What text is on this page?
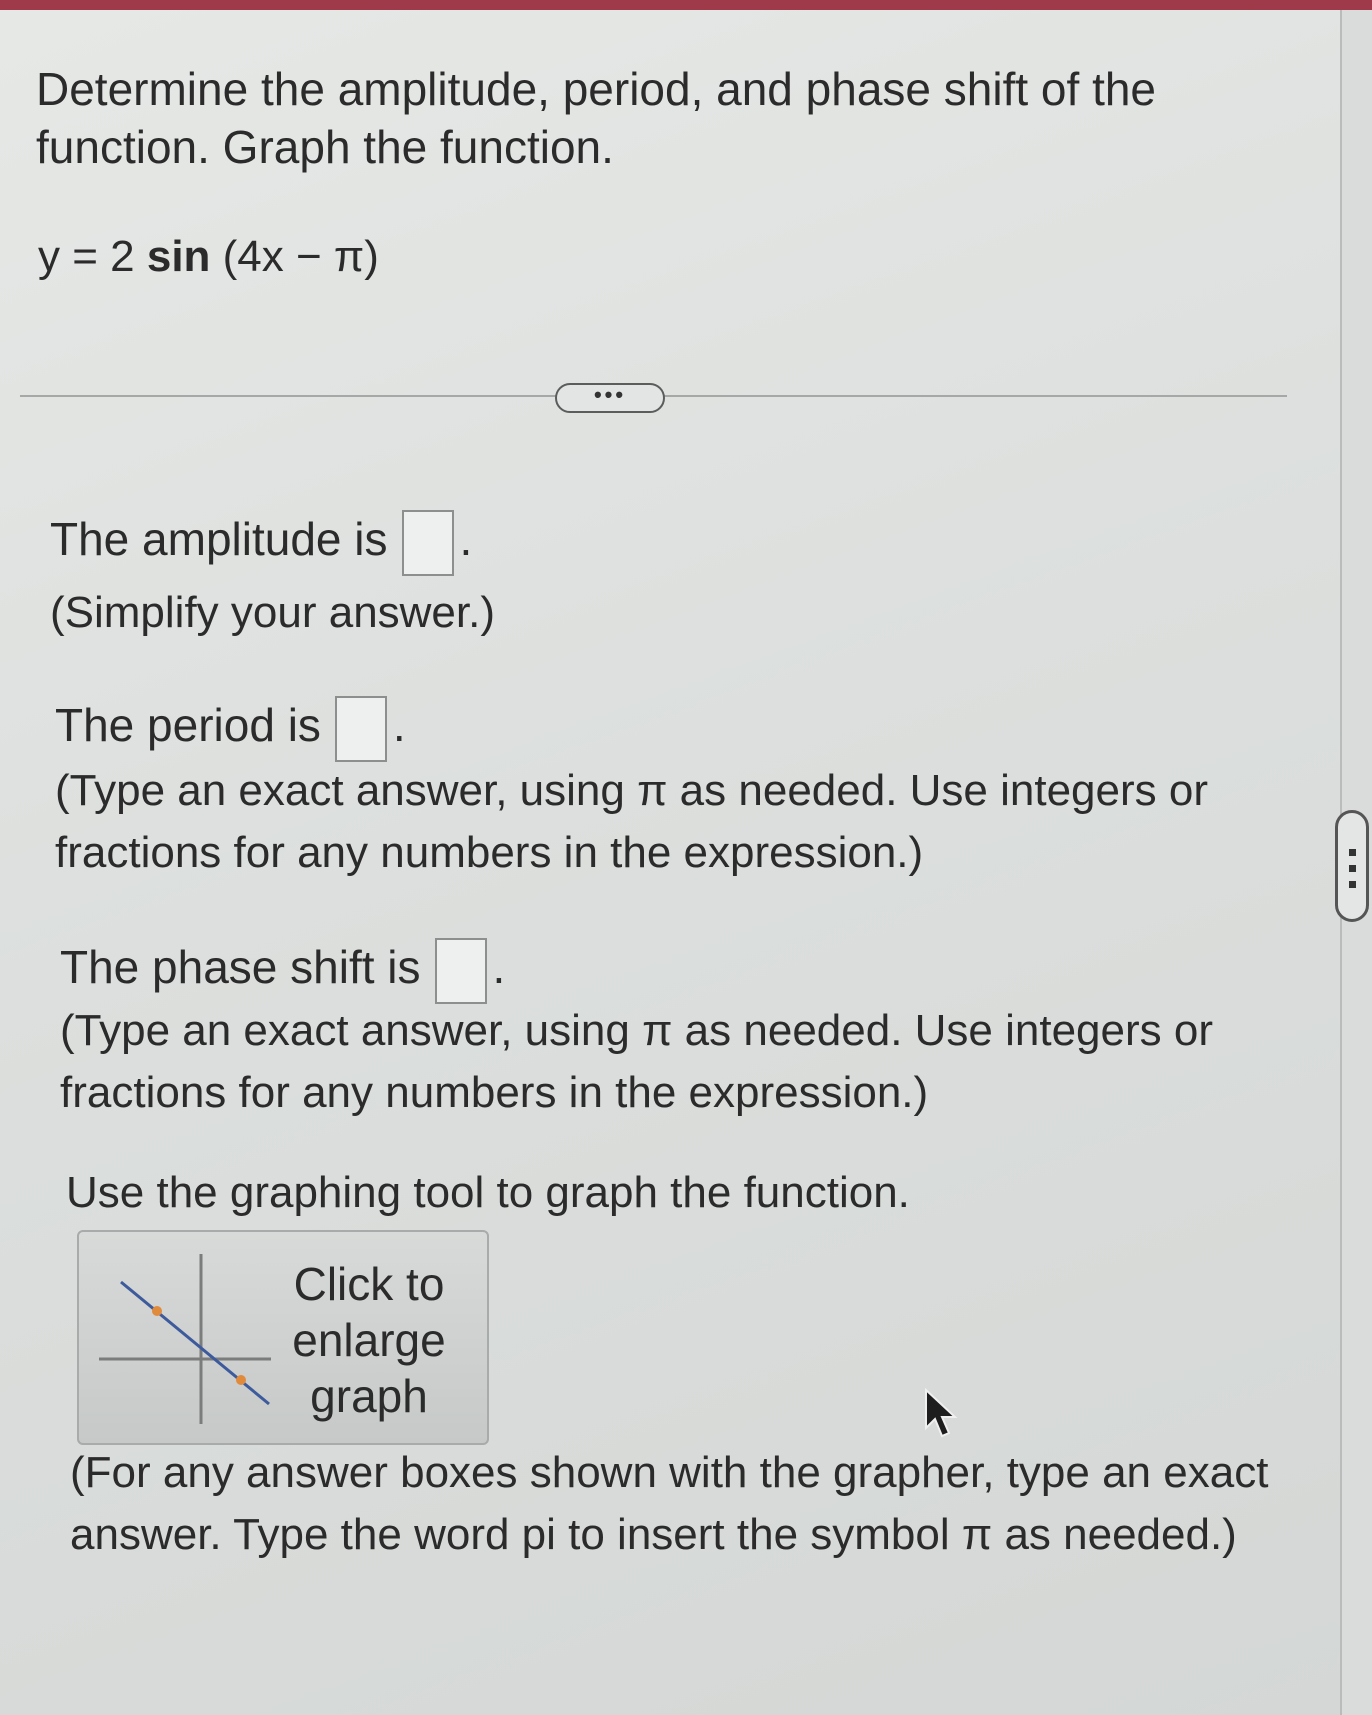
Determine the amplitude, period, and phase shift of the function. Graph the function.
y = 2 sin (4x − π)
•••
The amplitude is .
(Simplify your answer.)
The period is .
(Type an exact answer, using π as needed. Use integers or fractions for any numbers in the expression.)
The phase shift is .
(Type an exact answer, using π as needed. Use integers or fractions for any numbers in the expression.)
Use the graphing tool to graph the function.
Click to
enlarge
graph
(For any answer boxes shown with the grapher, type an exact answer. Type the word pi to insert the symbol π as needed.)
